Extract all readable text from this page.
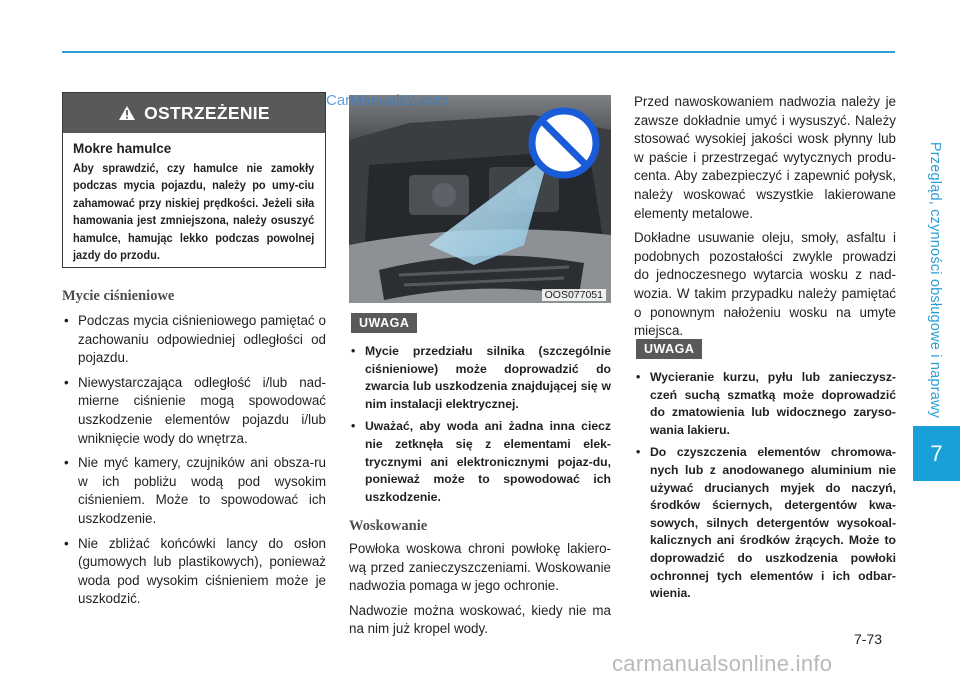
Przegląd, czynności obsługowe i naprawy
7
OSTRZEŻENIE
Mokre hamulce
Aby sprawdzić, czy hamulce nie zamokły podczas mycia pojazdu, należy po umy-ciu zahamować przy niskiej prędkości. Jeżeli siła hamowania jest zmniejszona, należy osuszyć hamulce, hamując lekko podczas powolnej jazdy do przodu.
Mycie ciśnieniowe
• Podczas mycia ciśnieniowego pamiętać o zachowaniu odpowiedniej odległości od pojazdu.
• Niewystarczająca odległość i/lub nad-mierne ciśnienie mogą spowodować uszkodzenie elementów pojazdu i/lub wniknięcie wody do wnętrza.
• Nie myć kamery, czujników ani obsza-ru w ich pobliżu wodą pod wysokim ciśnieniem. Może to spowodować ich uszkodzenie.
• Nie zbliżać końcówki lancy do osłon (gumowych lub plastikowych), ponieważ woda pod wysokim ciśnieniem może je uszkodzić.
OOS077051
UWAGA
• Mycie przedziału silnika (szczególnie ciśnieniowe) może doprowadzić do zwarcia lub uszkodzenia znajdującej się w nim instalacji elektrycznej.
• Uważać, aby woda ani żadna inna ciecz nie zetknęła się z elementami elek-trycznymi ani elektronicznymi pojaz-du, ponieważ może to spowodować ich uszkodzenie.
Woskowanie

Powłoka woskowa chroni powłokę lakiero-wą przed zanieczyszczeniami. Woskowanie nadwozia pomaga w jego ochronie.

Nadwozie można woskować, kiedy nie ma na nim już kropel wody.

Przed nawoskowaniem nadwozia należy je zawsze dokładnie umyć i wysuszyć. Należy stosować wysokiej jakości wosk płynny lub w paście i przestrzegać wytycznych produ-centa. Aby zabezpieczyć i zapewnić połysk, należy woskować wszystkie lakierowane elementy metalowe.

Dokładne usuwanie oleju, smoły, asfaltu i podobnych pozostałości zwykle prowadzi do jednoczesnego wytarcia wosku z nad-wozia. W takim przypadku należy pamiętać o ponownym nałożeniu wosku na umyte miejsca.

UWAGA
• Wycieranie kurzu, pyłu lub zanieczysz-czeń suchą szmatką może doprowadzić do zmatowienia lub widocznego zaryso-wania lakieru.
• Do czyszczenia elementów chromowa-nych lub z anodowanego aluminium nie używać drucianych myjek do naczyń, środków ściernych, detergentów kwa-sowych, silnych detergentów wysokoal-kalicznych ani środków żrących. Może to doprowadzić do uszkodzenia powłoki ochronnej tych elementów i ich odbar-wienia.
7-73
CarManuals2.com
carmanualsonline.info
